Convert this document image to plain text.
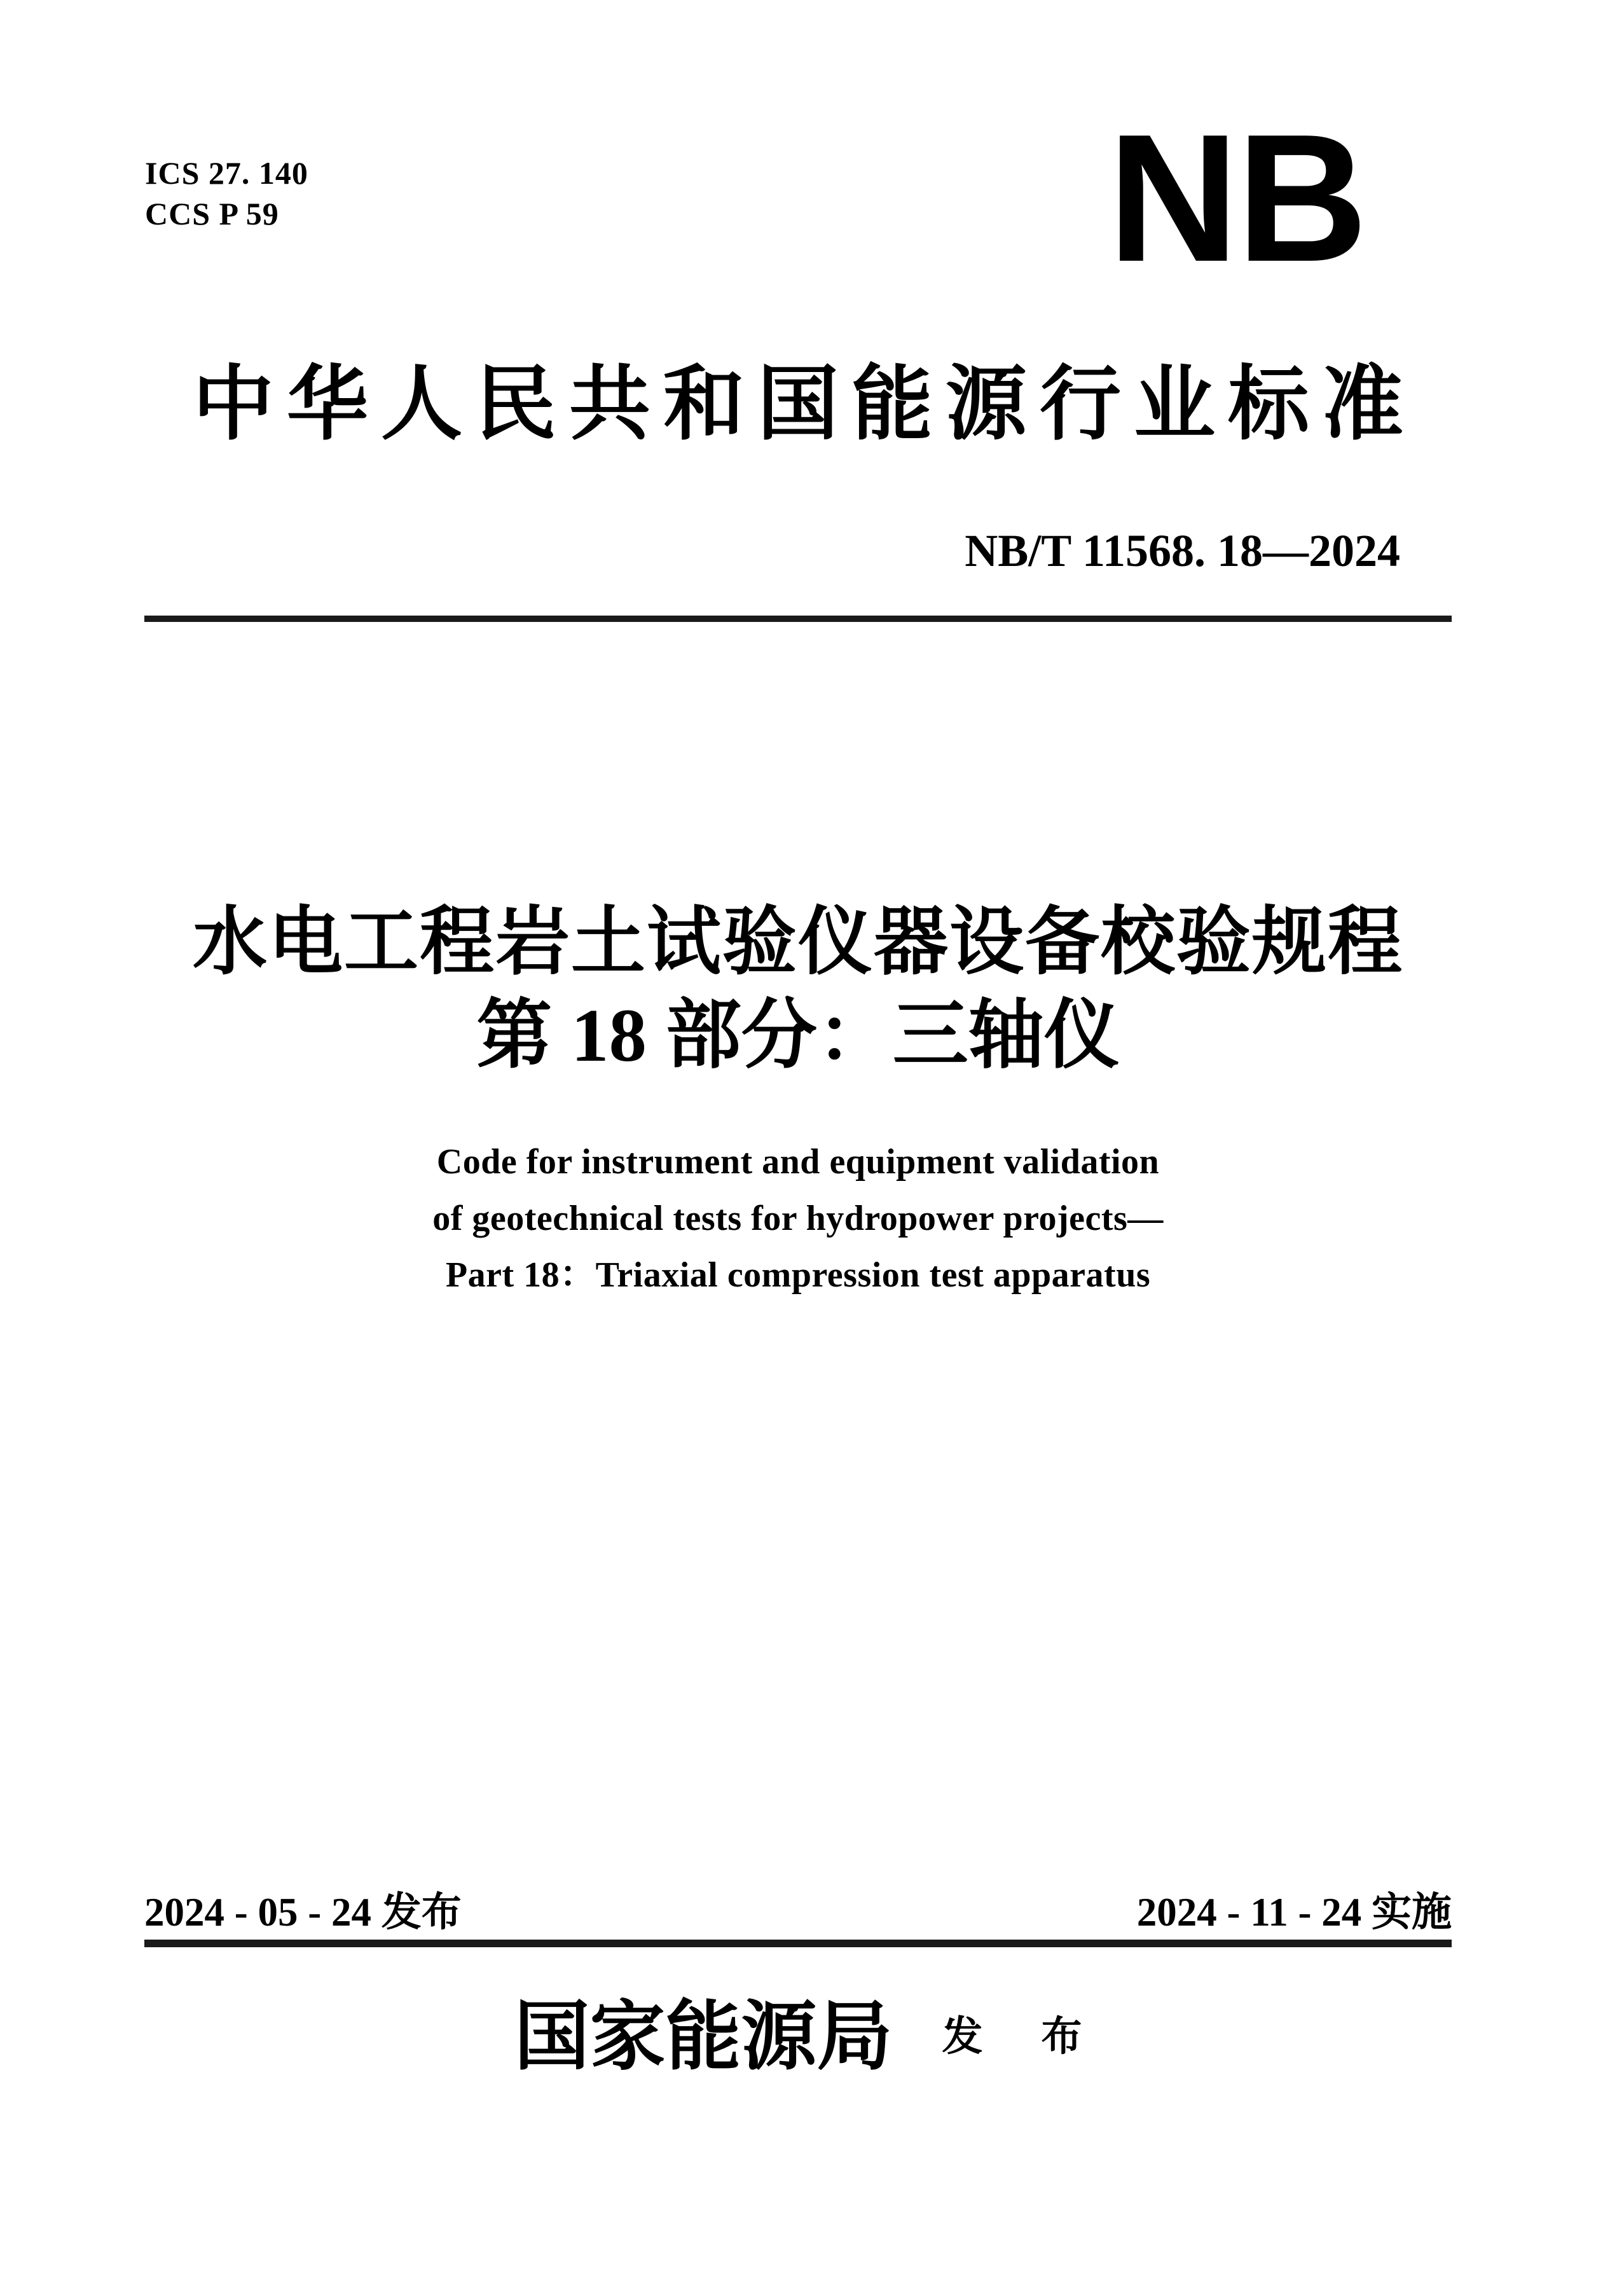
ICS 27. 140
CCS P 59	NB
中华人民共和国能源行业标准
NB/T 11568. 18—2024
水电工程岩土试验仪器设备校验规程
第 18 部分：三轴仪
Code for instrument and equipment validation
of geotechnical tests for hydropower projects—
Part 18：Triaxial compression test apparatus
2024 - 05 - 24 发布	2024 - 11 - 24 实施
国家能源局 发 布
